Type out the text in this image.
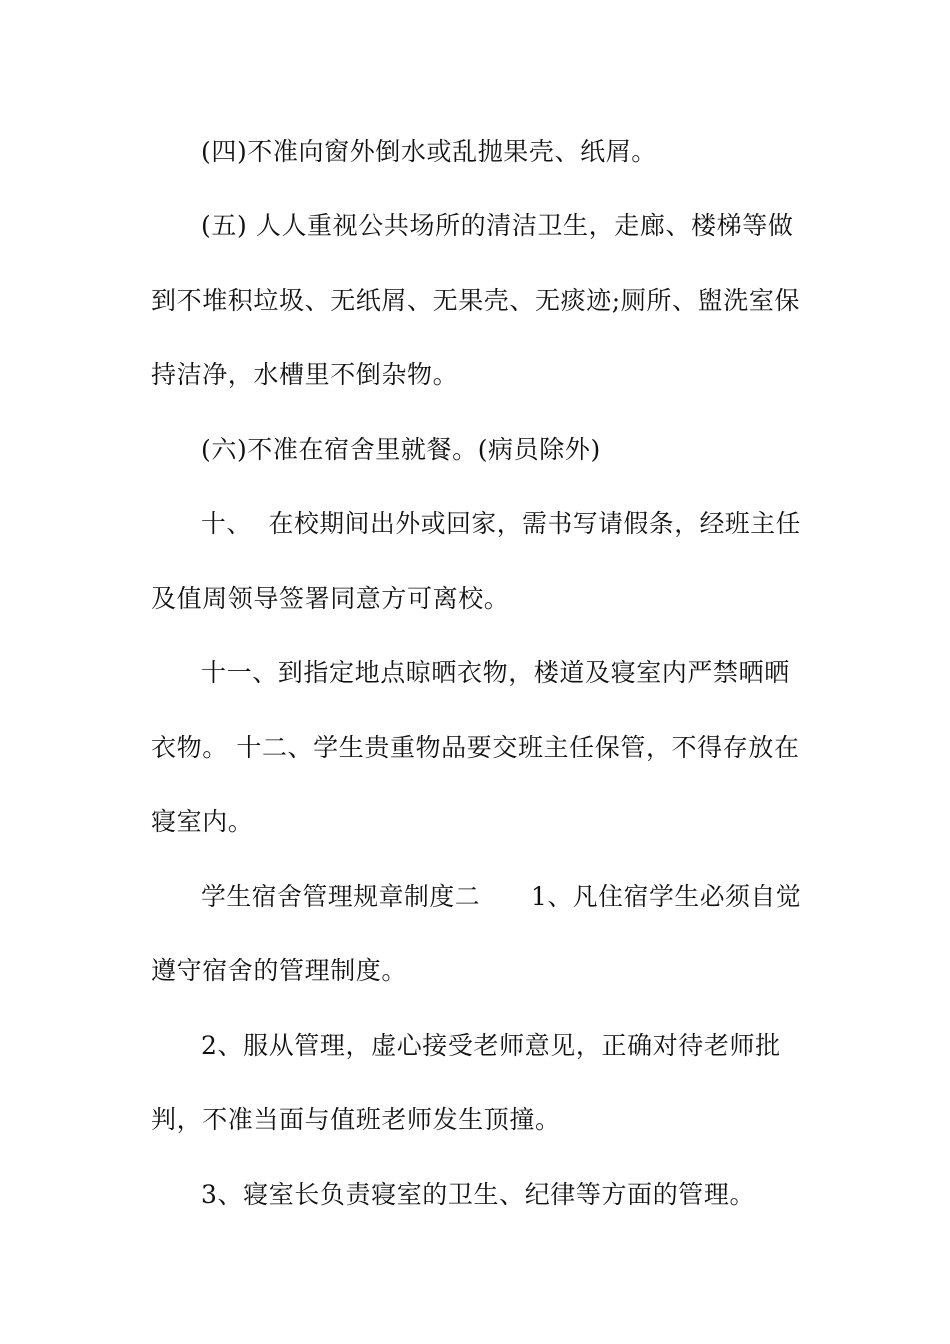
(四)不准向窗外倒水或乱抛果壳、纸屑。
(五) 人人重视公共场所的清洁卫生，走廊、楼梯等做
到不堆积垃圾、无纸屑、无果壳、无痰迹;厕所、盥洗室保
持洁净，水槽里不倒杂物。
(六)不准在宿舍里就餐。(病员除外)
十、  在校期间出外或回家，需书写请假条，经班主任
及值周领导签署同意方可离校。
十一、到指定地点晾晒衣物，楼道及寝室内严禁晒晒
衣物。 十二、学生贵重物品要交班主任保管，不得存放在
寝室内。
学生宿舍管理规章制度二      1、凡住宿学生必须自觉
遵守宿舍的管理制度。
2、服从管理，虚心接受老师意见，正确对待老师批
判，不准当面与值班老师发生顶撞。
3、寝室长负责寝室的卫生、纪律等方面的管理。
